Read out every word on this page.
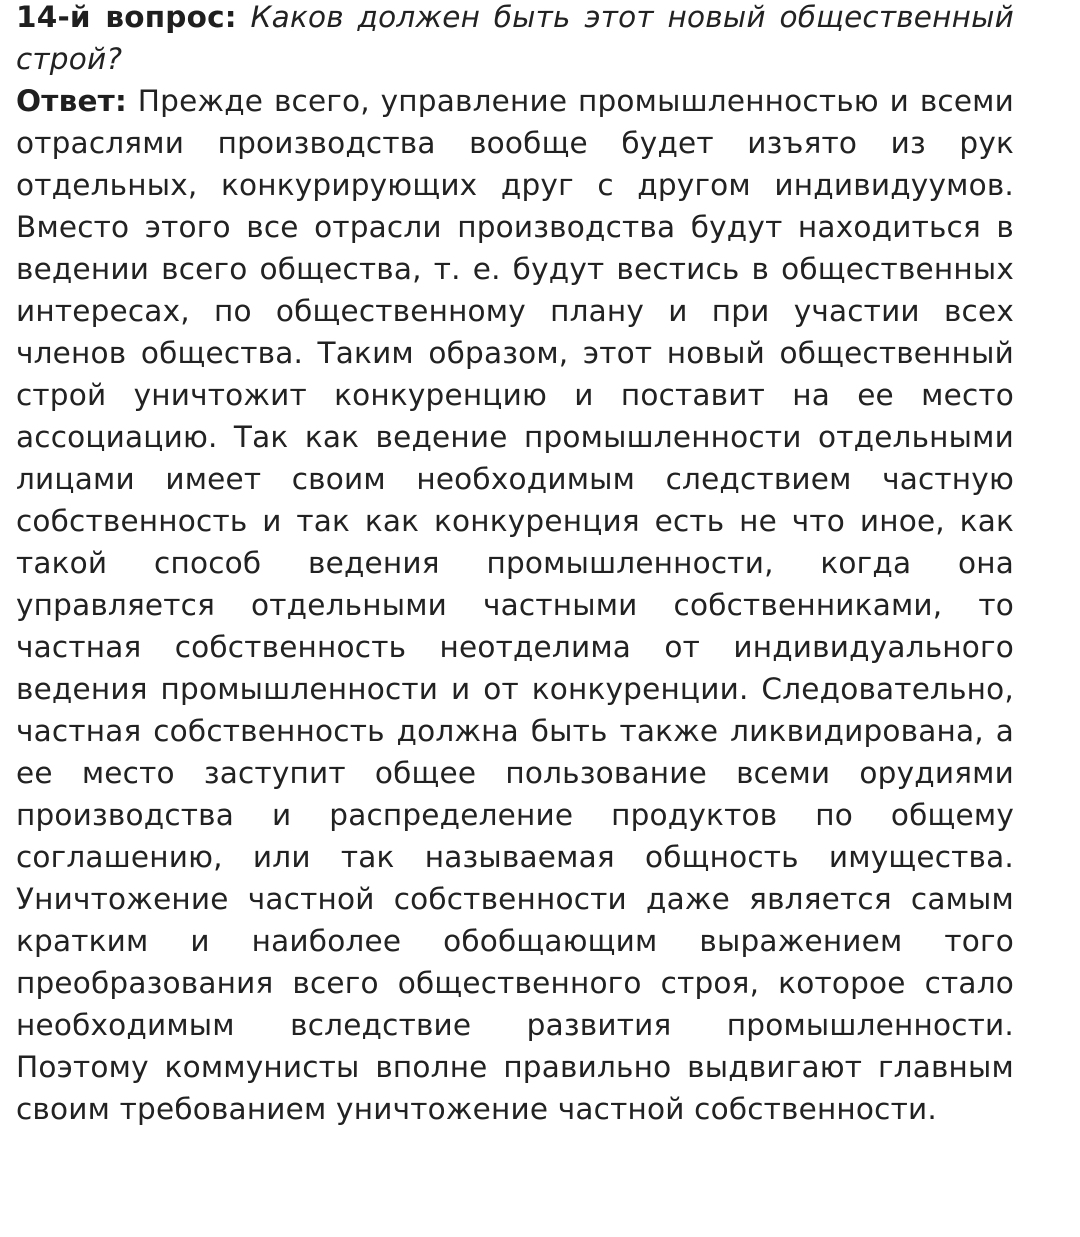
14-й вопрос: Каков должен быть этот новый общественный строй?

Ответ: Прежде всего, управление промышленностью и всеми отраслями производства вообще будет изъято из рук отдельных, конкурирующих друг с другом индивидуумов. Вместо этого все отрасли производства будут находиться в ведении всего общества, т. е. будут вестись в общественных интересах, по общественному плану и при участии всех членов общества. Таким образом, этот новый общественный строй уничтожит конкуренцию и поставит на ее место ассоциацию. Так как ведение промышленности отдельными лицами имеет своим необходимым следствием частную собственность и так как конкуренция есть не что иное, как такой способ ведения промышленности, когда она управляется отдельными частными собственниками, то частная собственность неотделима от индивидуального ведения промышленности и от конкуренции. Следовательно, частная собственность должна быть также ликвидирована, а ее место заступит общее пользование всеми орудиями производства и распределение продуктов по общему соглашению, или так называемая общность имущества. Уничтожение частной собственности даже является самым кратким и наиболее обобщающим выражением того преобразования всего общественного строя, которое стало необходимым вследствие развития промышленности. Поэтому коммунисты вполне правильно выдвигают главным своим требованием уничтожение частной собственности.
